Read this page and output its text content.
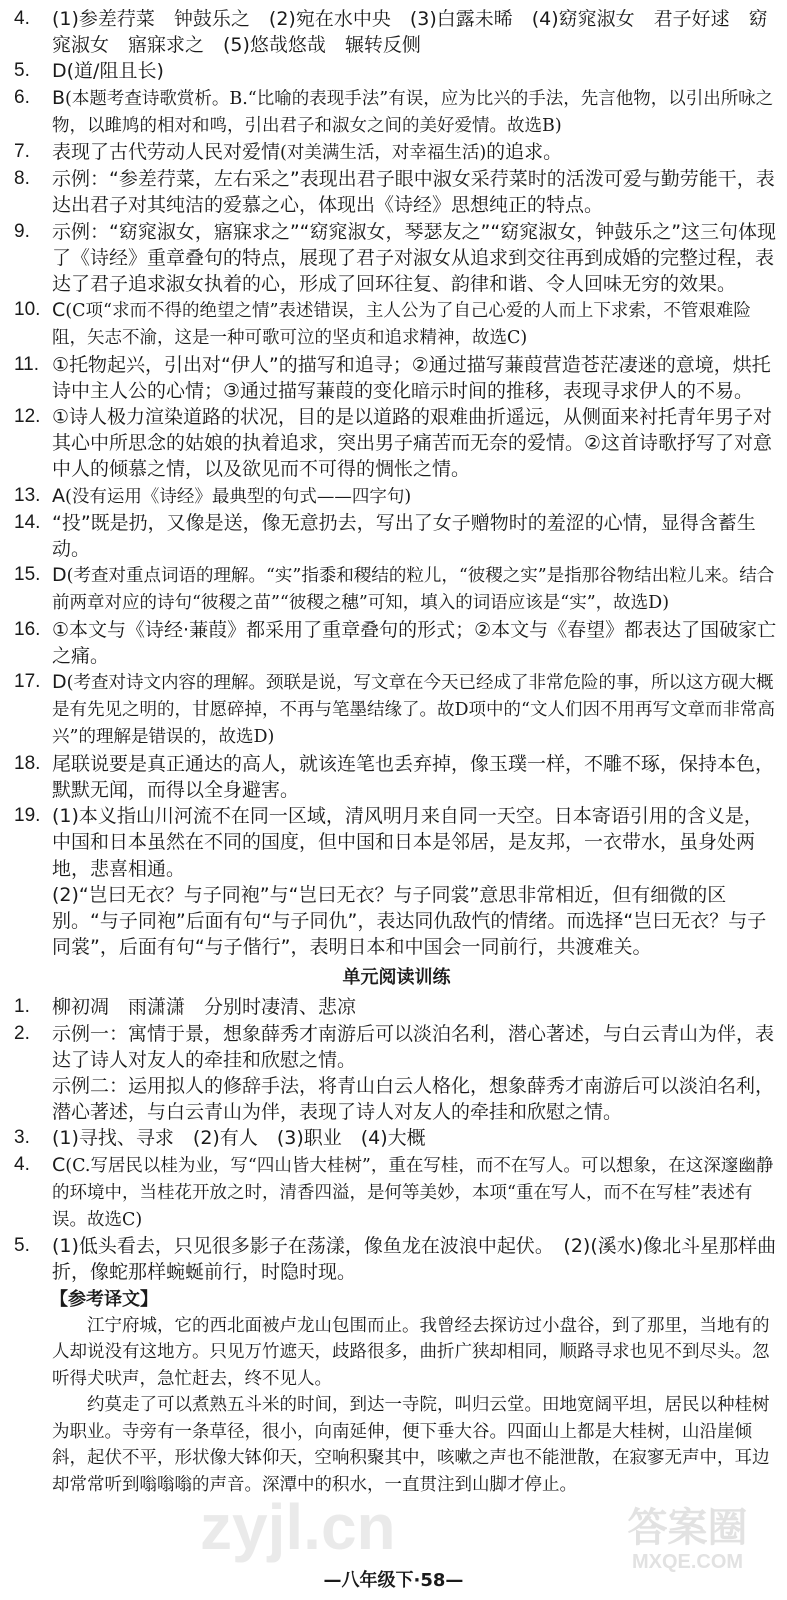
4.	(1)参差荇菜　钟鼓乐之　(2)宛在水中央　(3)白露未晞　(4)窈窕淑女　君子好逑　窈窕淑女　寤寐求之　(5)悠哉悠哉　辗转反侧
5.	D(道/阻且长)
6.	B(本题考查诗歌赏析。B.“比喻的表现手法”有误，应为比兴的手法，先言他物，以引出所咏之物，以雎鸠的相对和鸣，引出君子和淑女之间的美好爱情。故选B)
7.	表现了古代劳动人民对爱情(对美满生活，对幸福生活)的追求。
8.	示例：“参差荇菜，左右采之”表现出君子眼中淑女采荇菜时的活泼可爱与勤劳能干，表达出君子对其纯洁的爱慕之心，体现出《诗经》思想纯正的特点。
9.	示例：“窈窕淑女，寤寐求之”“窈窕淑女，琴瑟友之”“窈窕淑女，钟鼓乐之”这三句体现了《诗经》重章叠句的特点，展现了君子对淑女从追求到交往再到成婚的完整过程，表达了君子追求淑女执着的心，形成了回环往复、韵律和谐、令人回味无穷的效果。
10. C(C项“求而不得的绝望之情”表述错误，主人公为了自己心爱的人而上下求索，不管艰难险阻，矢志不渝，这是一种可歌可泣的坚贞和追求精神，故选C)
11. ①托物起兴，引出对“伊人”的描写和追寻；②通过描写蒹葭营造苍茫凄迷的意境，烘托诗中主人公的心情；③通过描写蒹葭的变化暗示时间的推移，表现寻求伊人的不易。
12. ①诗人极力渲染道路的状况，目的是以道路的艰难曲折遥远，从侧面来衬托青年男子对其心中所思念的姑娘的执着追求，突出男子痛苦而无奈的爱情。②这首诗歌抒写了对意中人的倾慕之情，以及欲见而不可得的惆怅之情。
13. A(没有运用《诗经》最典型的句式——四字句)
14. “投”既是扔，又像是送，像无意扔去，写出了女子赠物时的羞涩的心情，显得含蓄生动。
15. D(考查对重点词语的理解。“实”指黍和稷结的粒儿，“彼稷之实”是指那谷物结出粒儿来。结合前两章对应的诗句“彼稷之苗”“彼稷之穗”可知，填入的词语应该是“实”，故选D)
16. ①本文与《诗经·蒹葭》都采用了重章叠句的形式；②本文与《春望》都表达了国破家亡之痛。
17. D(考查对诗文内容的理解。颈联是说，写文章在今天已经成了非常危险的事，所以这方砚大概是有先见之明的，甘愿碎掉，不再与笔墨结缘了。故D项中的“文人们因不用再写文章而非常高兴”的理解是错误的，故选D)
18. 尾联说要是真正通达的高人，就该连笔也丢弃掉，像玉璞一样，不雕不琢，保持本色，默默无闻，而得以全身避害。
19. (1)本义指山川河流不在同一区域，清风明月来自同一天空。日本寄语引用的含义是，中国和日本虽然在不同的国度，但中国和日本是邻居，是友邦，一衣带水，虽身处两地，悲喜相通。
(2)“岂曰无衣？与子同袍”与“岂曰无衣？与子同裳”意思非常相近，但有细微的区别。“与子同袍”后面有句“与子同仇”，表达同仇敌忾的情绪。而选择“岂曰无衣？与子同裳”，后面有句“与子偕行”，表明日本和中国会一同前行，共渡难关。
单元阅读训练
1.	柳初凋　雨潇潇　分别时凄清、悲凉
2.	示例一：寓情于景，想象薛秀才南游后可以淡泊名利，潜心著述，与白云青山为伴，表达了诗人对友人的牵挂和欣慰之情。
示例二：运用拟人的修辞手法，将青山白云人格化，想象薛秀才南游后可以淡泊名利，潜心著述，与白云青山为伴，表现了诗人对友人的牵挂和欣慰之情。
3.	(1)寻找、寻求　(2)有人　(3)职业　(4)大概
4.	C(C.写居民以桂为业，写“四山皆大桂树”，重在写桂，而不在写人。可以想象，在这深邃幽静的环境中，当桂花开放之时，清香四溢，是何等美妙，本项“重在写人，而不在写桂”表述有误。故选C)
5.	(1)低头看去，只见很多影子在荡漾，像鱼龙在波浪中起伏。　(2)(溪水)像北斗星那样曲折，像蛇那样蜿蜒前行，时隐时现。
【参考译文】
江宁府城，它的西北面被卢龙山包围而止。我曾经去探访过小盘谷，到了那里，当地有的人却说没有这地方。只见万竹遮天，歧路很多，曲折广狭却相同，顺路寻求也见不到尽头。忽听得犬吠声，急忙赶去，终不见人。
约莫走了可以煮熟五斗米的时间，到达一寺院，叫归云堂。田地宽阔平坦，居民以种桂树为职业。寺旁有一条草径，很小，向南延伸，便下垂大谷。四面山上都是大桂树，山沿崖倾斜，起伏不平，形状像大钵仰天，空响积聚其中，咳嗽之声也不能泄散，在寂寥无声中，耳边却常常听到嗡嗡嗡的声音。深潭中的积水，一直贯注到山脚才停止。
zyjl.cn	答案圈
MXQE.COM
—八年级下·58—
